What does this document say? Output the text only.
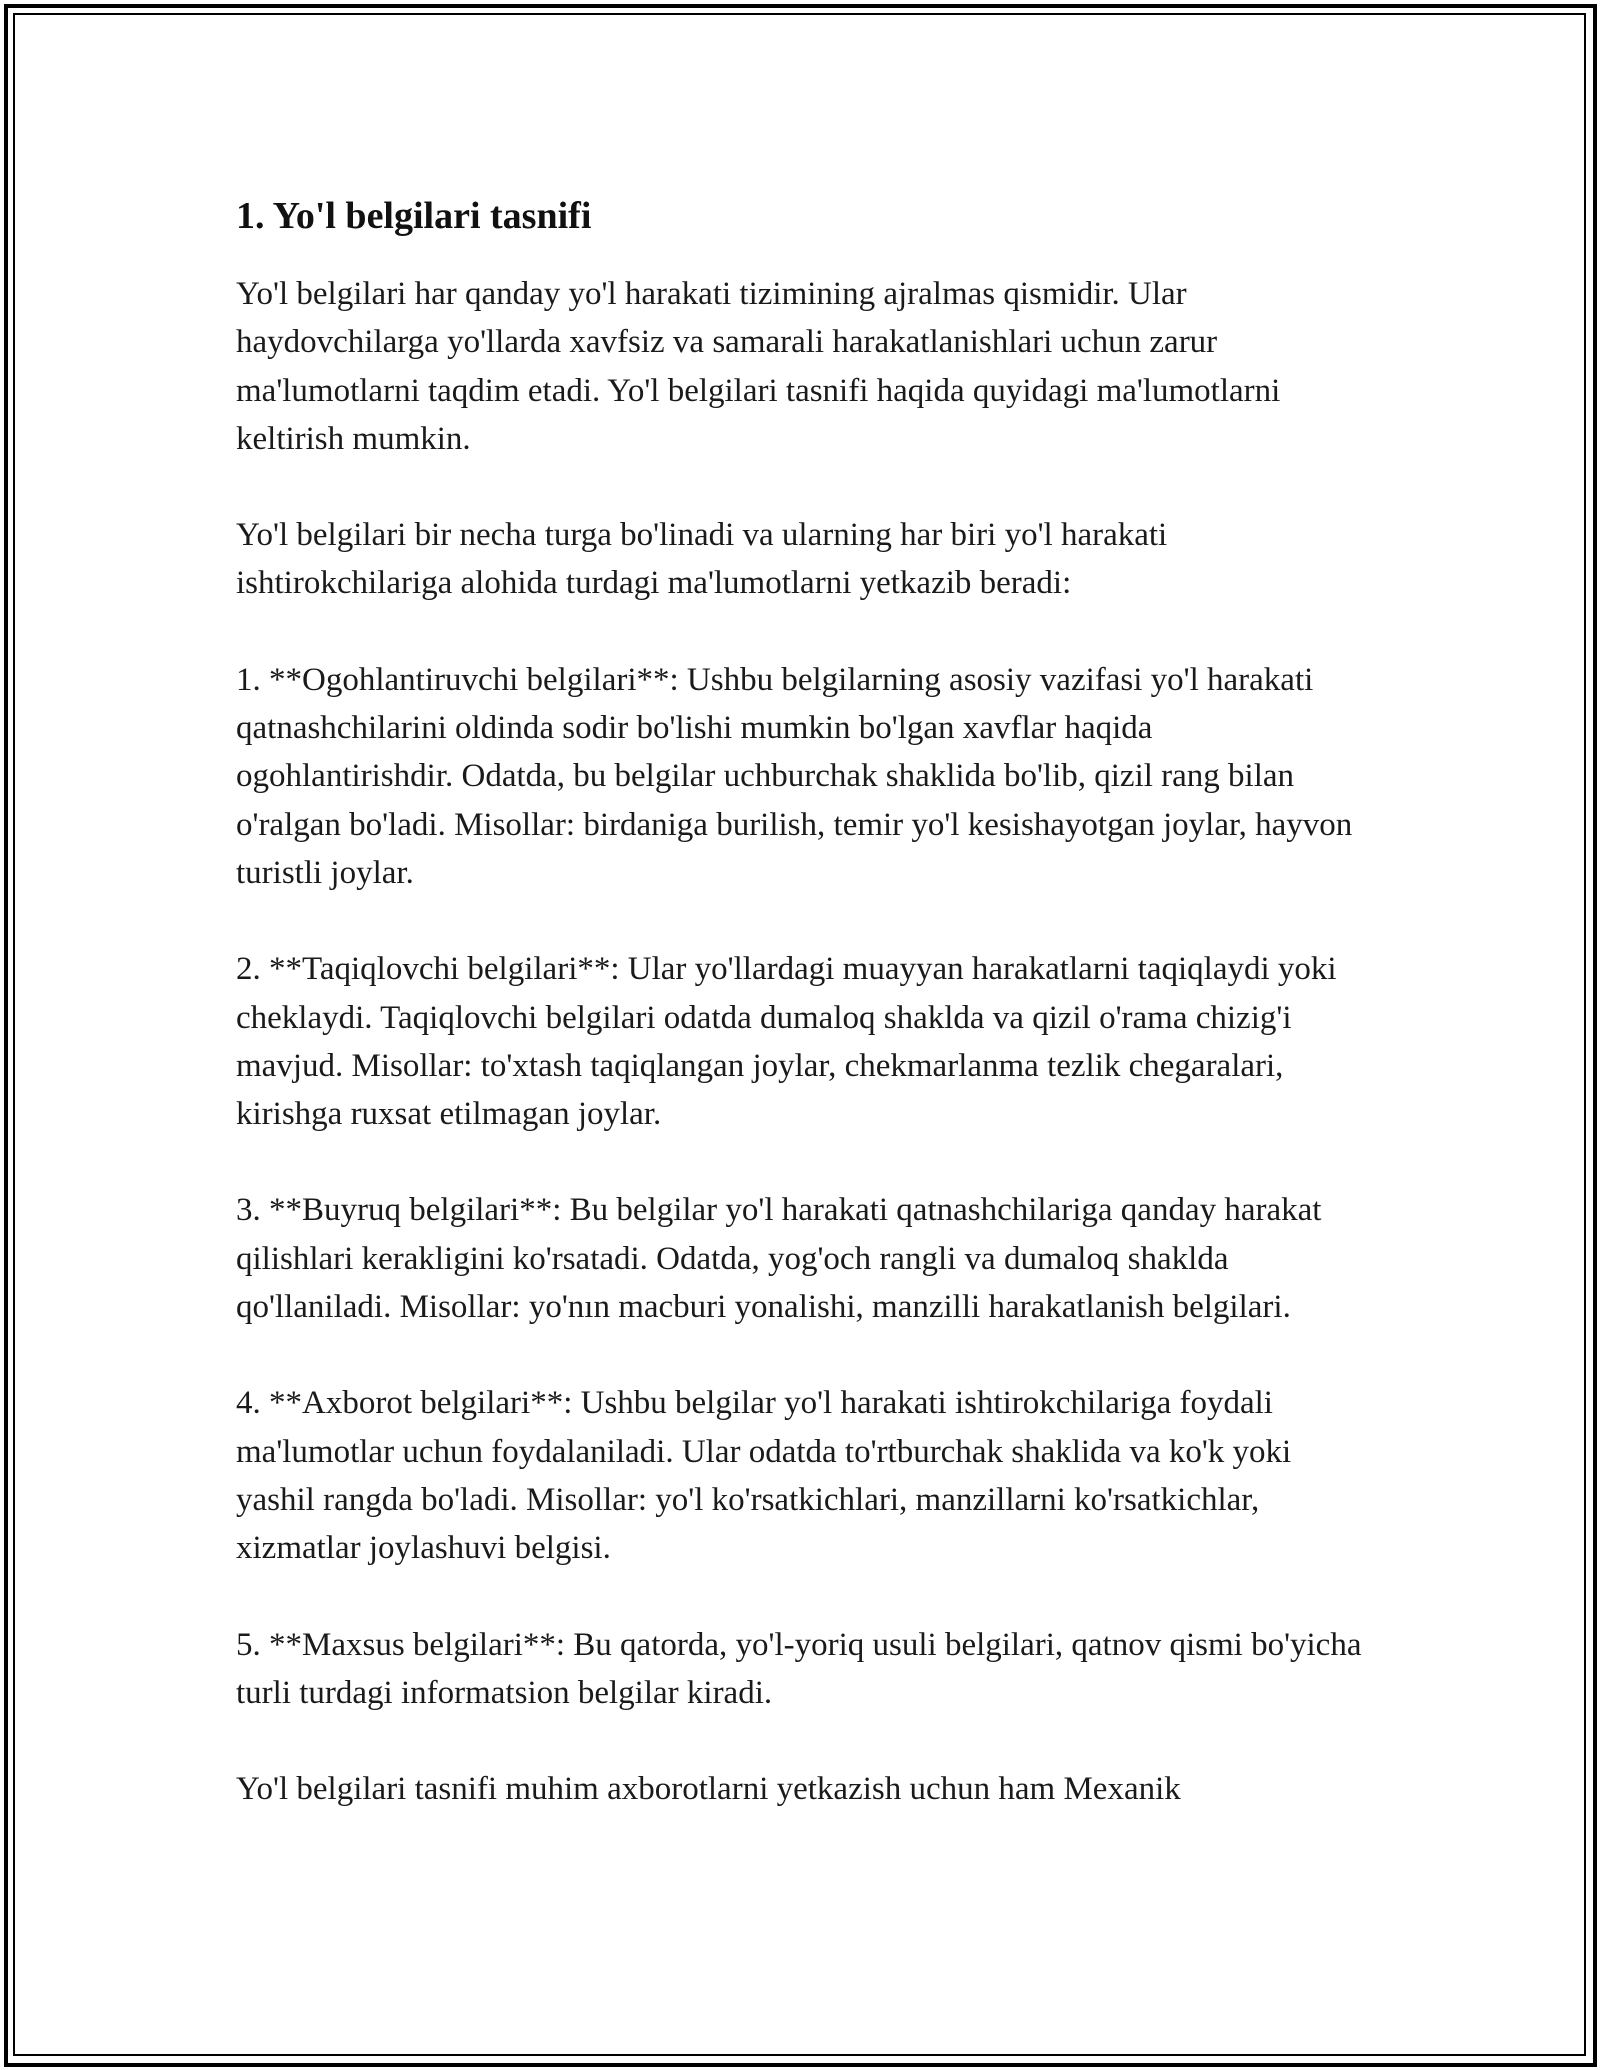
1. Yo'l belgilari tasnifi

Yo'l belgilari har qanday yo'l harakati tizimining ajralmas qismidir. Ular haydovchilarga yo'llarda xavfsiz va samarali harakatlanishlari uchun zarur ma'lumotlarni taqdim etadi. Yo'l belgilari tasnifi haqida quyidagi ma'lumotlarni keltirish mumkin.

Yo'l belgilari bir necha turga bo'linadi va ularning har biri yo'l harakati ishtirokchilariga alohida turdagi ma'lumotlarni yetkazib beradi:

1. **Ogohlantiruvchi belgilari**: Ushbu belgilarning asosiy vazifasi yo'l harakati qatnashchilarini oldinda sodir bo'lishi mumkin bo'lgan xavflar haqida ogohlantirishdir. Odatda, bu belgilar uchburchak shaklida bo'lib, qizil rang bilan o'ralgan bo'ladi. Misollar: birdaniga burilish, temir yo'l kesishayotgan joylar, hayvon turistli joylar.

2. **Taqiqlovchi belgilari**: Ular yo'llardagi muayyan harakatlarni taqiqlaydi yoki cheklaydi. Taqiqlovchi belgilari odatda dumaloq shaklda va qizil o'rama chizig'i mavjud. Misollar: to'xtash taqiqlangan joylar, chekmarlanma tezlik chegaralari, kirishga ruxsat etilmagan joylar.

3. **Buyruq belgilari**: Bu belgilar yo'l harakati qatnashchilariga qanday harakat qilishlari kerakligini ko'rsatadi. Odatda, yog'och rangli va dumaloq shaklda qo'llaniladi. Misollar: yo'nın macburi yonalishi, manzilli harakatlanish belgilari.

4. **Axborot belgilari**: Ushbu belgilar yo'l harakati ishtirokchilariga foydali ma'lumotlar uchun foydalaniladi. Ular odatda to'rtburchak shaklida va ko'k yoki yashil rangda bo'ladi. Misollar: yo'l ko'rsatkichlari, manzillarni ko'rsatkichlar, xizmatlar joylashuvi belgisi.

5. **Maxsus belgilari**: Bu qatorda, yo'l-yoriq usuli belgilari, qatnov qismi bo'yicha turli turdagi informatsion belgilar kiradi.

Yo'l belgilari tasnifi muhim axborotlarni yetkazish uchun ham Mexanik
